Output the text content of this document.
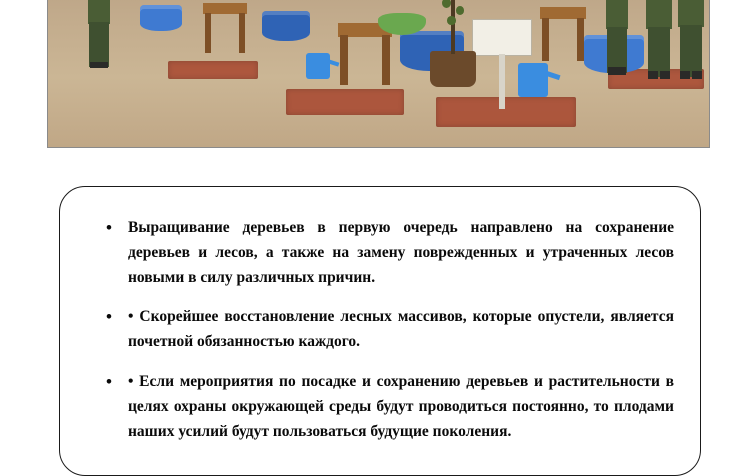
• Выращивание деревьев в первую очередь направлено на сохранение деревьев и лесов, а также на замену поврежденных и утраченных лесов новыми в силу различных причин.
• • Скорейшее восстановление лесных массивов, которые опустели, является почетной обязанностью каждого.
• • Если мероприятия по посадке и сохранению деревьев и растительности в целях охраны окружающей среды будут проводиться постоянно, то плодами наших усилий будут пользоваться будущие поколения.
